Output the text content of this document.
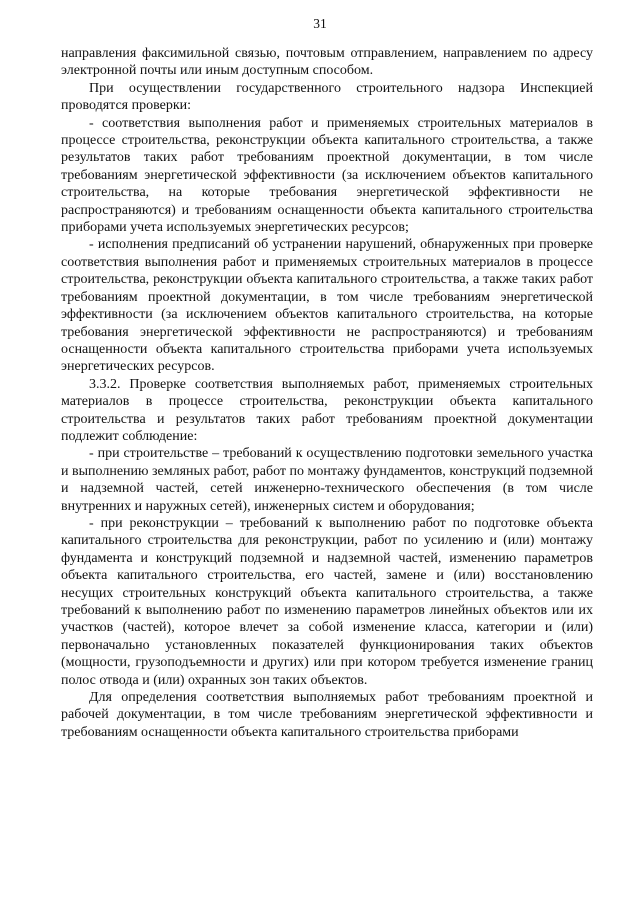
31

направления факсимильной связью, почтовым отправлением, направлением по адресу электронной почты или иным доступным способом.

При осуществлении государственного строительного надзора Инспекцией проводятся проверки:

- соответствия выполнения работ и применяемых строительных материалов в процессе строительства, реконструкции объекта капитального строительства, а также результатов таких работ требованиям проектной документации, в том числе требованиям энергетической эффективности (за исключением объектов капитального строительства, на которые требования энергетической эффективности не распространяются) и требованиям оснащенности объекта капитального строительства приборами учета используемых энергетических ресурсов;

- исполнения предписаний об устранении нарушений, обнаруженных при проверке соответствия выполнения работ и применяемых строительных материалов в процессе строительства, реконструкции объекта капитального строительства, а также таких работ требованиям проектной документации, в том числе требованиям энергетической эффективности (за исключением объектов капитального строительства, на которые требования энергетической эффективности не распространяются) и требованиям оснащенности объекта капитального строительства приборами учета используемых энергетических ресурсов.

3.3.2. Проверке соответствия выполняемых работ, применяемых строительных материалов в процессе строительства, реконструкции объекта капитального строительства и результатов таких работ требованиям проектной документации подлежит соблюдение:

- при строительстве – требований к осуществлению подготовки земельного участка и выполнению земляных работ, работ по монтажу фундаментов, конструкций подземной и надземной частей, сетей инженерно-технического обеспечения (в том числе внутренних и наружных сетей), инженерных систем и оборудования;

- при реконструкции – требований к выполнению работ по подготовке объекта капитального строительства для реконструкции, работ по усилению и (или) монтажу фундамента и конструкций подземной и надземной частей, изменению параметров объекта капитального строительства, его частей, замене и (или) восстановлению несущих строительных конструкций объекта капитального строительства, а также требований к выполнению работ по изменению параметров линейных объектов или их участков (частей), которое влечет за собой изменение класса, категории и (или) первоначально установленных показателей функционирования таких объектов (мощности, грузоподъемности и других) или при котором требуется изменение границ полос отвода и (или) охранных зон таких объектов.

Для определения соответствия выполняемых работ требованиям проектной и рабочей документации, в том числе требованиям энергетической эффективности и требованиям оснащенности объекта капитального строительства приборами
